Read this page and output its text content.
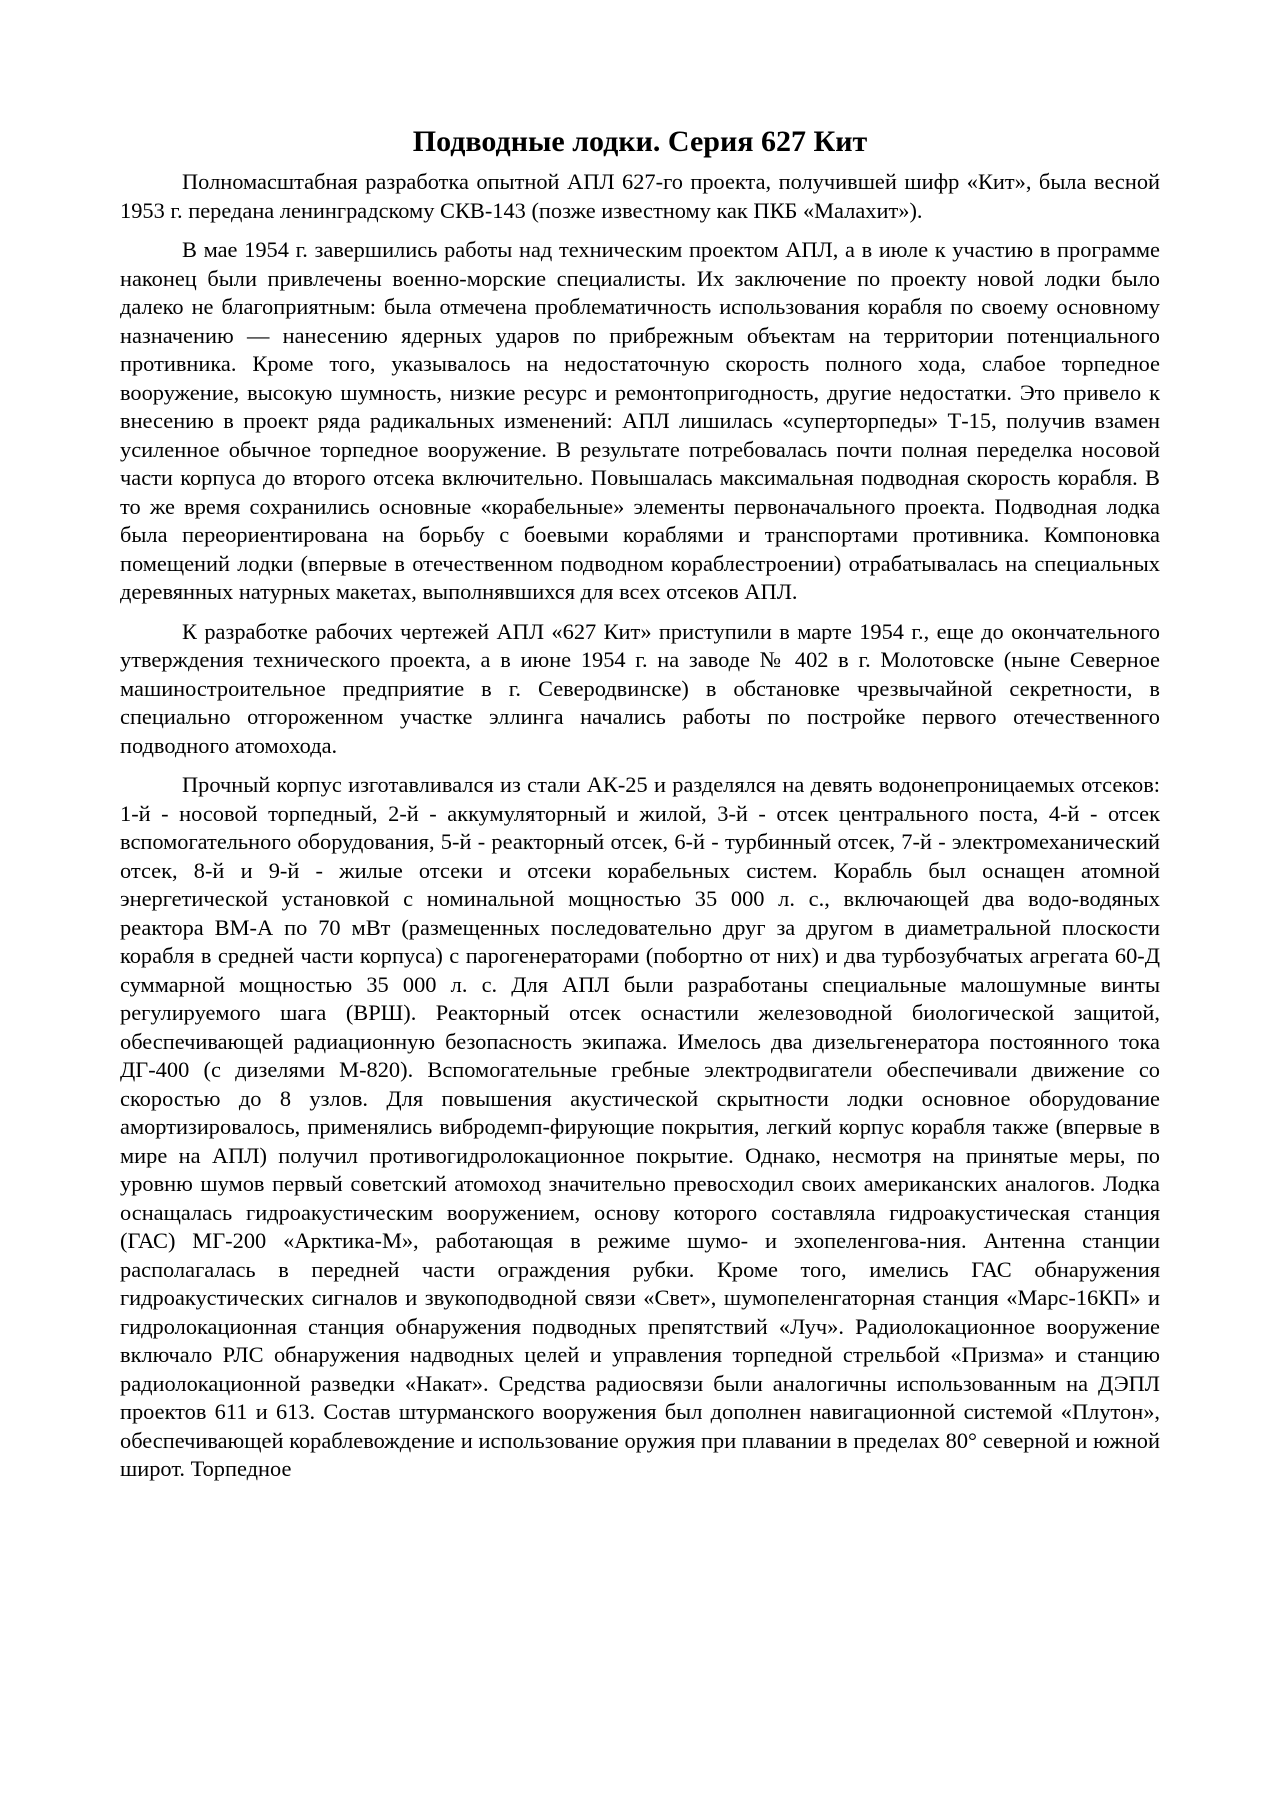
Подводные лодки. Серия 627 Кит

Полномасштабная разработка опытной АПЛ 627-го проекта, получившей шифр «Кит», была весной 1953 г. передана ленинградскому СКВ-143 (позже известному как ПКБ «Малахит»).

В мае 1954 г. завершились работы над техническим проектом АПЛ, а в июле к участию в программе наконец были привлечены военно-морские специалисты. Их заключение по проекту новой лодки было далеко не благоприятным: была отмечена проблематичность использования корабля по своему основному назначению — нанесению ядерных ударов по прибрежным объектам на территории потенциального противника. Кроме того, указывалось на недостаточную скорость полного хода, слабое торпедное вооружение, высокую шумность, низкие ресурс и ремонтопригодность, другие недостатки. Это привело к внесению в проект ряда радикальных изменений: АПЛ лишилась «суперторпеды» Т-15, получив взамен усиленное обычное торпедное вооружение. В результате потребовалась почти полная переделка носовой части корпуса до второго отсека включительно. Повышалась максимальная подводная скорость корабля. В то же время сохранились основные «корабельные» элементы первоначального проекта. Подводная лодка была переориентирована на борьбу с боевыми кораблями и транспортами противника. Компоновка помещений лодки (впервые в отечественном подводном кораблестроении) отрабатывалась на специальных деревянных натурных макетах, выполнявшихся для всех отсеков АПЛ.

К разработке рабочих чертежей АПЛ «627 Кит» приступили в марте 1954 г., еще до окончательного утверждения технического проекта, а в июне 1954 г. на заводе № 402 в г. Молотовске (ныне Северное машиностроительное предприятие в г. Северодвинске) в обстановке чрезвычайной секретности, в специально отгороженном участке эллинга начались работы по постройке первого отечественного подводного атомохода.

Прочный корпус изготавливался из стали АК-25 и разделялся на девять водонепроницаемых отсеков: 1-й - носовой торпедный, 2-й - аккумуляторный и жилой, 3-й - отсек центрального поста, 4-й - отсек вспомогательного оборудования, 5-й - реакторный отсек, 6-й - турбинный отсек, 7-й - электромеханический отсек, 8-й и 9-й - жилые отсеки и отсеки корабельных систем. Корабль был оснащен атомной энергетической установкой с номинальной мощностью 35 000 л. с., включающей два водо-водяных реактора ВМ-А по 70 мВт (размещенных последовательно друг за другом в диаметральной плоскости корабля в средней части корпуса) с парогенераторами (побортно от них) и два турбозубчатых агрегата 60-Д суммарной мощностью 35 000 л. с. Для АПЛ были разработаны специальные малошумные винты регулируемого шага (ВРШ). Реакторный отсек оснастили железоводной биологической защитой, обеспечивающей радиационную безопасность экипажа. Имелось два дизельгенератора постоянного тока ДГ-400 (с дизелями М-820). Вспомогательные гребные электродвигатели обеспечивали движение со скоростью до 8 узлов. Для повышения акустической скрытности лодки основное оборудование амортизировалось, применялись вибродемп-фирующие покрытия, легкий корпус корабля также (впервые в мире на АПЛ) получил противогидролокационное покрытие. Однако, несмотря на принятые меры, по уровню шумов первый советский атомоход значительно превосходил своих американских аналогов. Лодка оснащалась гидроакустическим вооружением, основу которого составляла гидроакустическая станция (ГАС) МГ-200 «Арктика-М», работающая в режиме шумо- и эхопеленгова-ния. Антенна станции располагалась в передней части ограждения рубки. Кроме того, имелись ГАС обнаружения гидроакустических сигналов и звукоподводной связи «Свет», шумопеленгаторная станция «Марс-16КП» и гидролокационная станция обнаружения подводных препятствий «Луч». Радиолокационное вооружение включало РЛС обнаружения надводных целей и управления торпедной стрельбой «Призма» и станцию радиолокационной разведки «Накат». Средства радиосвязи были аналогичны использованным на ДЭПЛ проектов 611 и 613. Состав штурманского вооружения был дополнен навигационной системой «Плутон», обеспечивающей кораблевождение и использование оружия при плавании в пределах 80° северной и южной широт. Торпедное
